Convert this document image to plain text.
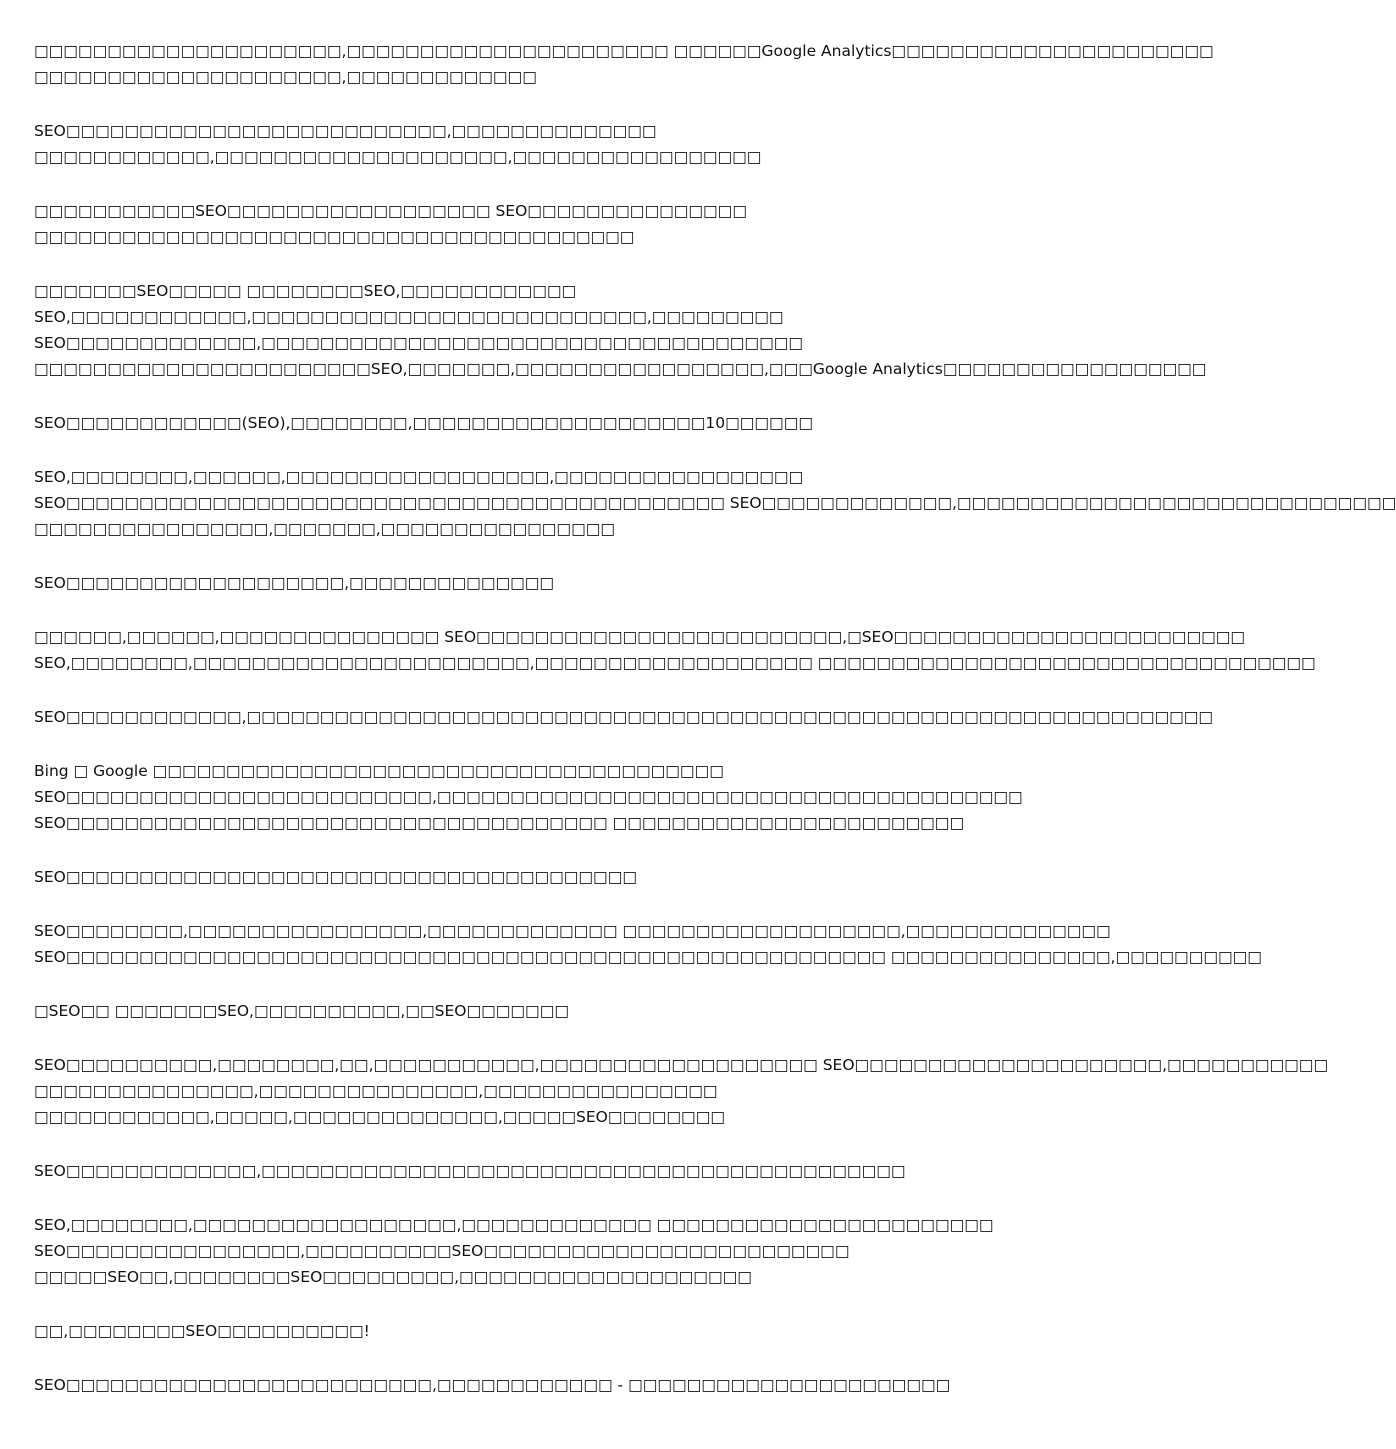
□□□□□□□□□□□□□□□□□□□□□,□□□□□□□□□□□□□□□□□□□□□□ □□□□□□Google Analytics□□□□□□□□□□□□□□□□□□□□□□
□□□□□□□□□□□□□□□□□□□□□,□□□□□□□□□□□□□
SEO□□□□□□□□□□□□□□□□□□□□□□□□□□,□□□□□□□□□□□□□□
□□□□□□□□□□□□,□□□□□□□□□□□□□□□□□□□□,□□□□□□□□□□□□□□□□□
□□□□□□□□□□□SEO□□□□□□□□□□□□□□□□□□ SEO□□□□□□□□□□□□□□□
□□□□□□□□□□□□□□□□□□□□□□□□□□□□□□□□□□□□□□□□□
□□□□□□□SEO□□□□□ □□□□□□□□SEO,□□□□□□□□□□□□
SEO,□□□□□□□□□□□□,□□□□□□□□□□□□□□□□□□□□□□□□□□□,□□□□□□□□□
SEO□□□□□□□□□□□□□,□□□□□□□□□□□□□□□□□□□□□□□□□□□□□□□□□□□□□
□□□□□□□□□□□□□□□□□□□□□□□SEO,□□□□□□□,□□□□□□□□□□□□□□□□□,□□□Google Analytics□□□□□□□□□□□□□□□□□□
SEO□□□□□□□□□□□□(SEO),□□□□□□□□,□□□□□□□□□□□□□□□□□□□□10□□□□□□
SEO,□□□□□□□□,□□□□□□,□□□□□□□□□□□□□□□□□□,□□□□□□□□□□□□□□□□□
SEO□□□□□□□□□□□□□□□□□□□□□□□□□□□□□□□□□□□□□□□□□□□□□ SEO□□□□□□□□□□□□□,□□□□□□□□□□□□□□□□□□□□□□□□□□□□□□
□□□□□□□□□□□□□□□□,□□□□□□□,□□□□□□□□□□□□□□□□
SEO□□□□□□□□□□□□□□□□□□□,□□□□□□□□□□□□□□
□□□□□□,□□□□□□,□□□□□□□□□□□□□□□ SEO□□□□□□□□□□□□□□□□□□□□□□□□□,□SEO□□□□□□□□□□□□□□□□□□□□□□□□
SEO,□□□□□□□□,□□□□□□□□□□□□□□□□□□□□□□□,□□□□□□□□□□□□□□□□□□□ □□□□□□□□□□□□□□□□□□□□□□□□□□□□□□□□□□
SEO□□□□□□□□□□□□,□□□□□□□□□□□□□□□□□□□□□□□□□□□□□□□□□□□□□□□□□□□□□□□□□□□□□□□□□□□□□□□□□□
Bing □ Google □□□□□□□□□□□□□□□□□□□□□□□□□□□□□□□□□□□□□□□
SEO□□□□□□□□□□□□□□□□□□□□□□□□□,□□□□□□□□□□□□□□□□□□□□□□□□□□□□□□□□□□□□□□□□
SEO□□□□□□□□□□□□□□□□□□□□□□□□□□□□□□□□□□□□□ □□□□□□□□□□□□□□□□□□□□□□□□
SEO□□□□□□□□□□□□□□□□□□□□□□□□□□□□□□□□□□□□□□□
SEO□□□□□□□□,□□□□□□□□□□□□□□□□,□□□□□□□□□□□□□ □□□□□□□□□□□□□□□□□□□,□□□□□□□□□□□□□□
SEO□□□□□□□□□□□□□□□□□□□□□□□□□□□□□□□□□□□□□□□□□□□□□□□□□□□□□□□□ □□□□□□□□□□□□□□□,□□□□□□□□□□
□SEO□□ □□□□□□□SEO,□□□□□□□□□□,□□SEO□□□□□□□
SEO□□□□□□□□□□,□□□□□□□□,□□,□□□□□□□□□□□,□□□□□□□□□□□□□□□□□□□ SEO□□□□□□□□□□□□□□□□□□□□□,□□□□□□□□□□□
□□□□□□□□□□□□□□□,□□□□□□□□□□□□□□□,□□□□□□□□□□□□□□□□
□□□□□□□□□□□□,□□□□□,□□□□□□□□□□□□□□,□□□□□SEO□□□□□□□□
SEO□□□□□□□□□□□□□,□□□□□□□□□□□□□□□□□□□□□□□□□□□□□□□□□□□□□□□□□□□□
SEO,□□□□□□□□,□□□□□□□□□□□□□□□□□□,□□□□□□□□□□□□□ □□□□□□□□□□□□□□□□□□□□□□□
SEO□□□□□□□□□□□□□□□□,□□□□□□□□□□SEO□□□□□□□□□□□□□□□□□□□□□□□□□
□□□□□SEO□□,□□□□□□□□SEO□□□□□□□□□,□□□□□□□□□□□□□□□□□□□□
□□,□□□□□□□□SEO□□□□□□□□□□!
SEO□□□□□□□□□□□□□□□□□□□□□□□□□,□□□□□□□□□□□□ - □□□□□□□□□□□□□□□□□□□□□□
